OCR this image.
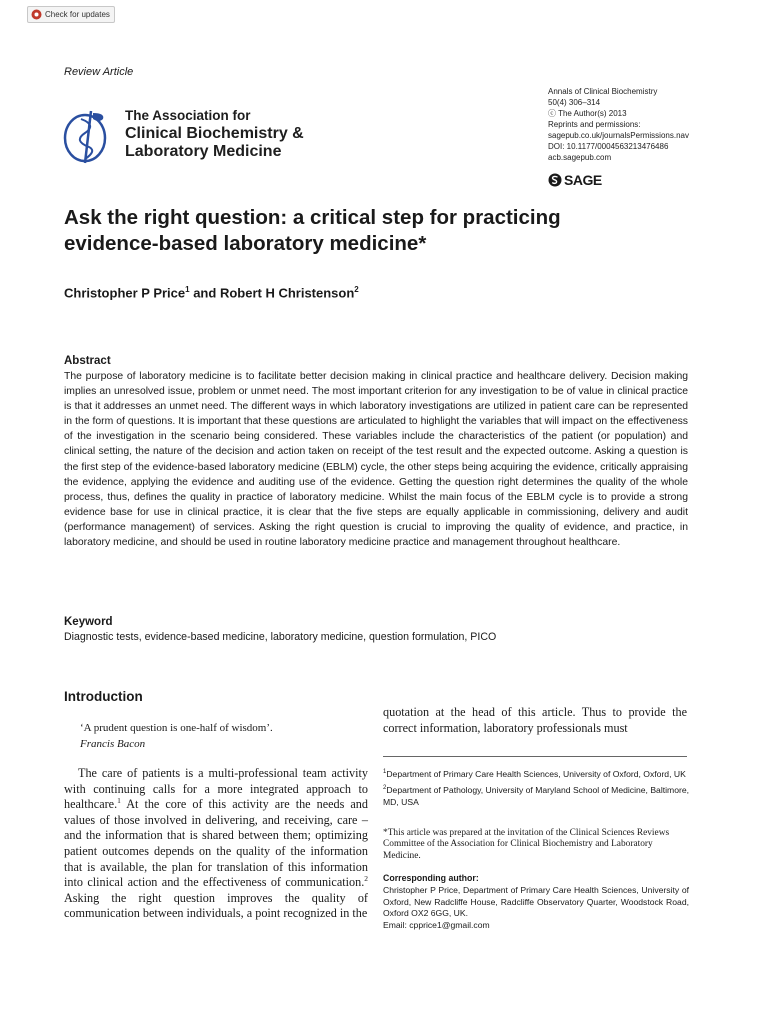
Check for updates
Review Article
The Association for
Clinical Biochemistry &
Laboratory Medicine
Annals of Clinical Biochemistry
50(4) 306–314
ⓒ The Author(s) 2013
Reprints and permissions:
sagepub.co.uk/journalsPermissions.nav
DOI: 10.1177/0004563213476486
acb.sagepub.com
SAGE
Ask the right question: a critical step for practicing
evidence-based laboratory medicine*
Christopher P Price$^1$ and Robert H Christenson$^2$
Abstract
The purpose of laboratory medicine is to facilitate better decision making in clinical practice and healthcare delivery. Decision making implies an unresolved issue, problem or unmet need. The most important criterion for any investigation to be of value in clinical practice is that it addresses an unmet need. The different ways in which laboratory investigations are utilized in patient care can be represented in the form of questions. It is important that these questions are articulated to highlight the variables that will impact on the effectiveness of the investigation in the scenario being considered. These variables include the characteristics of the patient (or population) and clinical setting, the nature of the decision and action taken on receipt of the test result and the expected outcome. Asking a question is the first step of the evidence-based laboratory medicine (EBLM) cycle, the other steps being acquiring the evidence, critically appraising the evidence, applying the evidence and auditing use of the evidence. Getting the question right determines the quality of the whole process, thus, defines the quality in practice of laboratory medicine. Whilst the main focus of the EBLM cycle is to provide a strong evidence base for use in clinical practice, it is clear that the five steps are equally applicable in commissioning, delivery and audit (performance management) of services. Asking the right question is crucial to improving the quality of evidence, and practice, in laboratory medicine, and should be used in routine laboratory medicine practice and management throughout healthcare.
Keyword
Diagnostic tests, evidence-based medicine, laboratory medicine, question formulation, PICO
Introduction
‘A prudent question is one-half of wisdom’.
Francis Bacon
The care of patients is a multi-professional team activity with continuing calls for a more integrated approach to healthcare.$^1$ At the core of this activity are the needs and values of those involved in delivering, and receiving, care – and the information that is shared between them; optimizing patient outcomes depends on the quality of the information that is available, the plan for translation of this information into clinical action and the effectiveness of communication.$^2$ Asking the right question improves the quality of communication between individuals, a point recognized in the
quotation at the head of this article. Thus to provide the correct information, laboratory professionals must
$^1$Department of Primary Care Health Sciences, University of Oxford, Oxford, UK
$^2$Department of Pathology, University of Maryland School of Medicine, Baltimore, MD, USA
*This article was prepared at the invitation of the Clinical Sciences Reviews Committee of the Association for Clinical Biochemistry and Laboratory Medicine.
Corresponding author:
Christopher P Price, Department of Primary Care Health Sciences, University of Oxford, New Radcliffe House, Radcliffe Observatory Quarter, Woodstock Road, Oxford OX2 6GG, UK.
Email: cpprice1@gmail.com
